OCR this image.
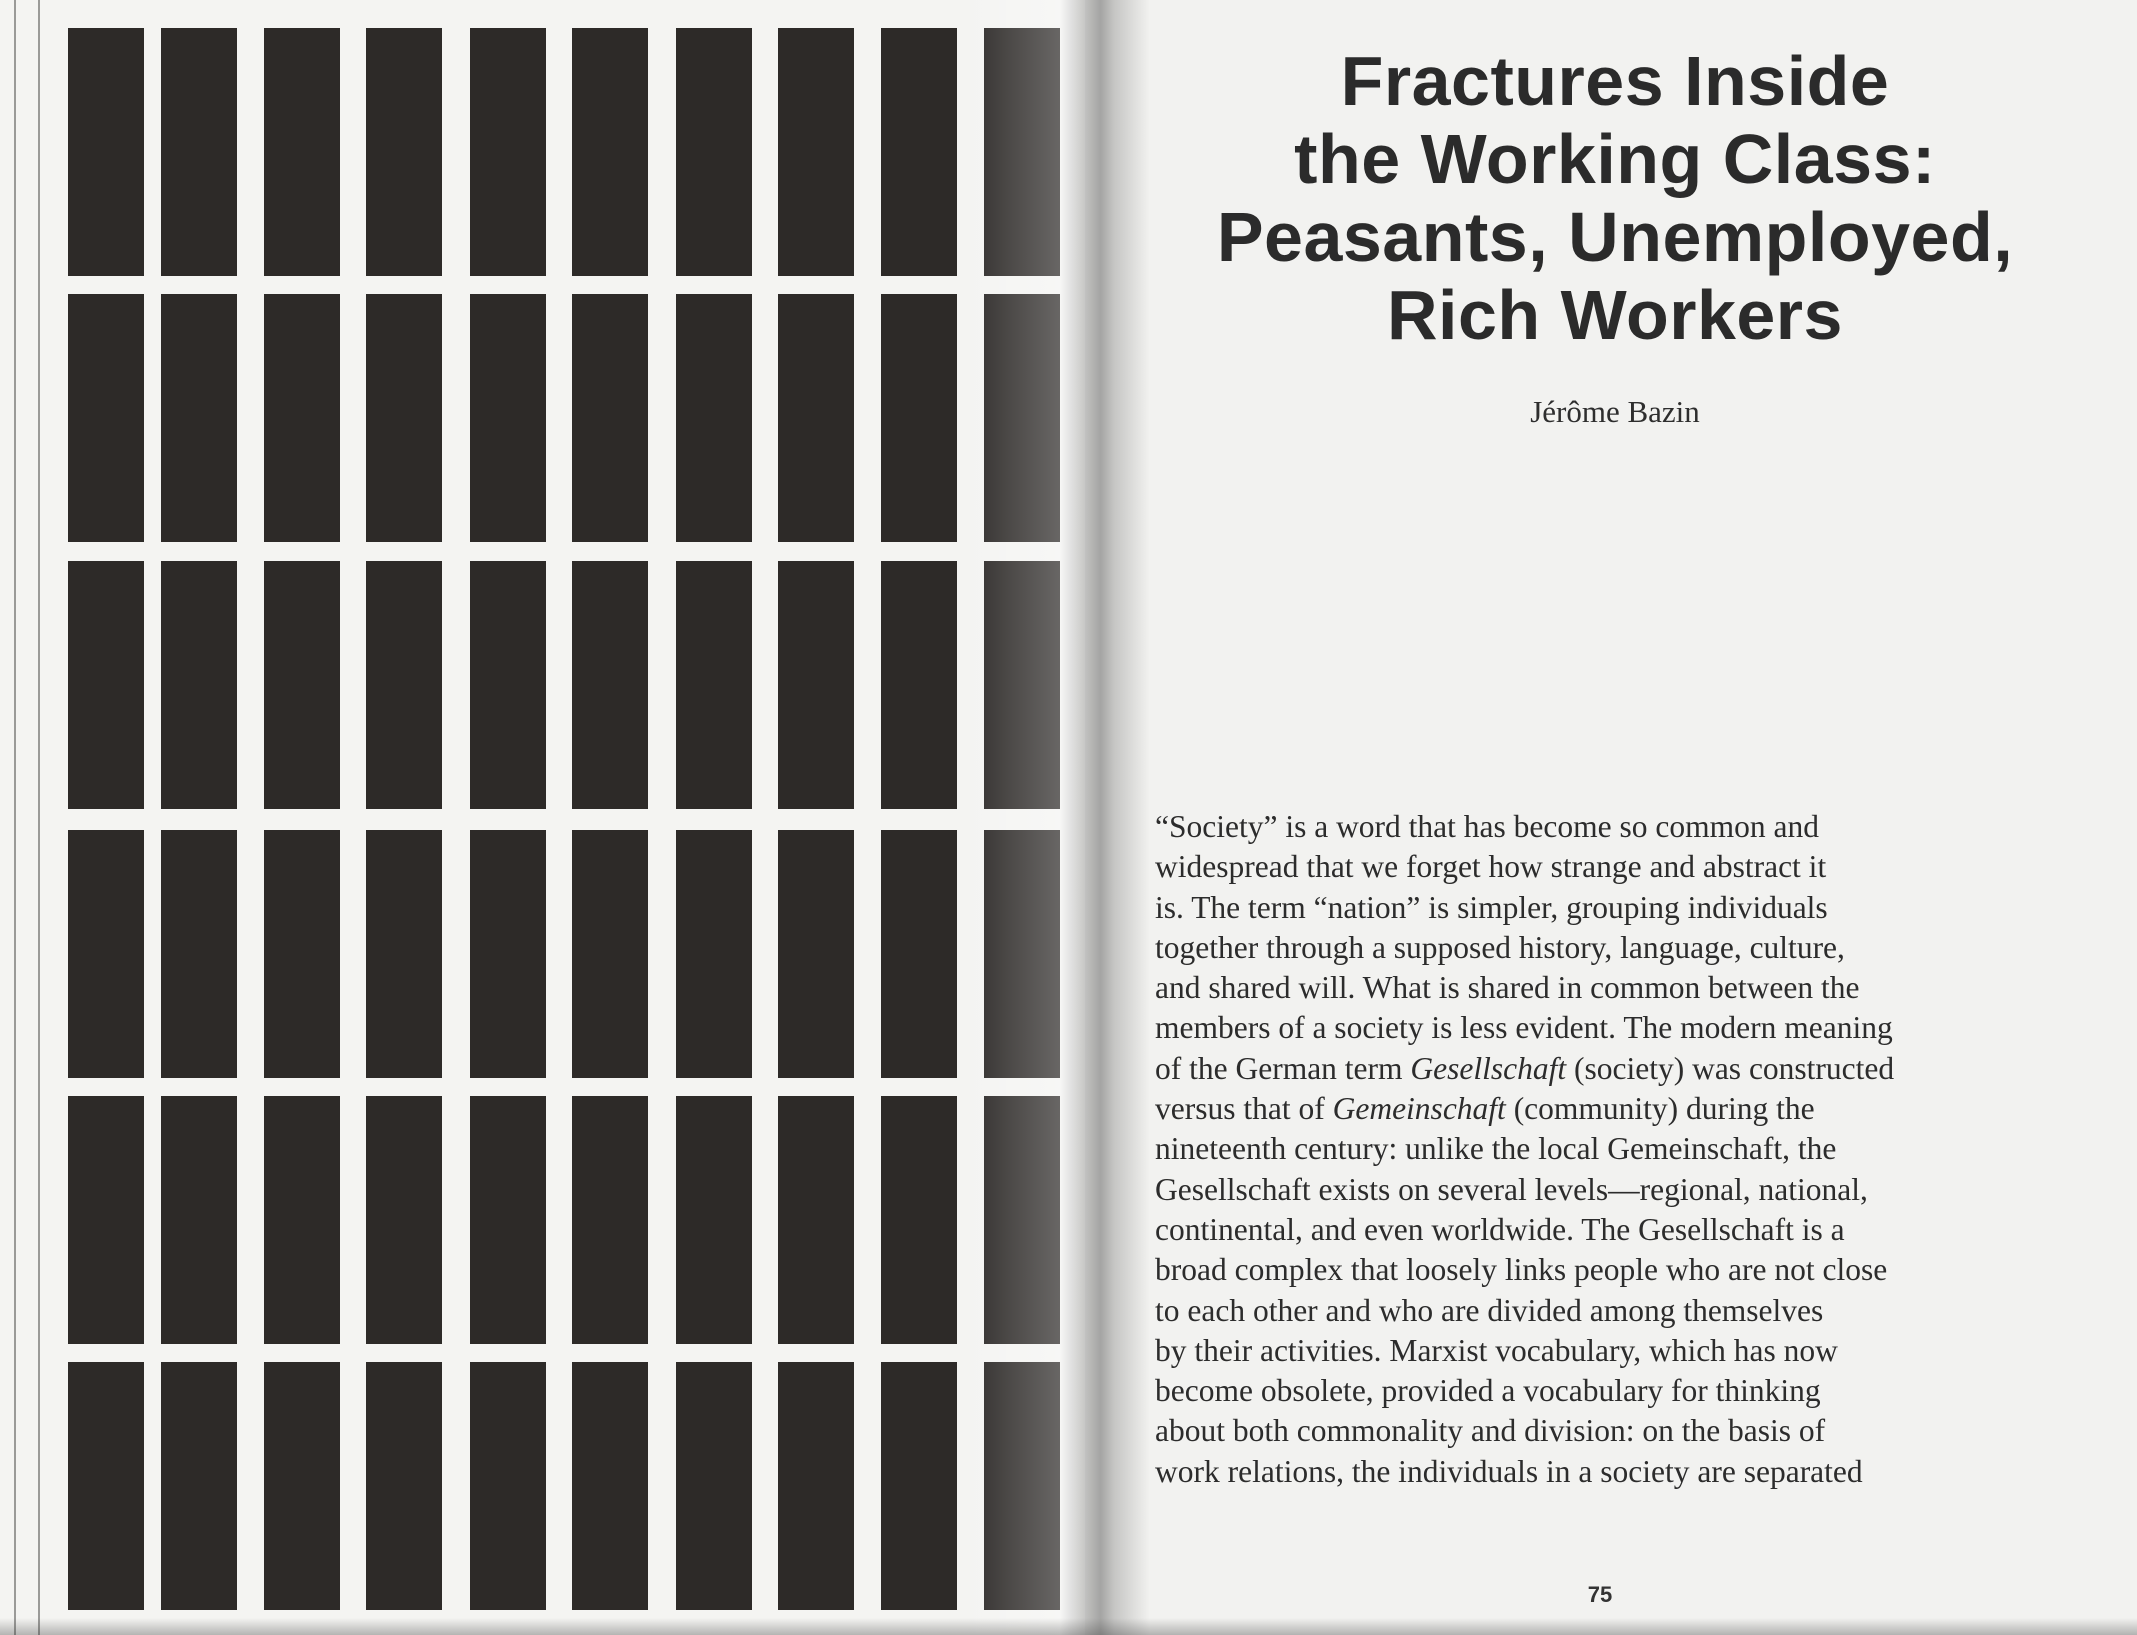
Fractures Inside
the Working Class:
Peasants, Unemployed,
Rich Workers
Jérôme Bazin
“Society” is a word that has become so common and
widespread that we forget how strange and abstract it
is. The term “nation” is simpler, grouping individuals
together through a supposed history, language, culture,
and shared will. What is shared in common between the
members of a society is less evident. The modern meaning
of the German term Gesellschaft (society) was constructed
versus that of Gemeinschaft (community) during the
nineteenth century: unlike the local Gemeinschaft, the
Gesellschaft exists on several levels—regional, national,
continental, and even worldwide. The Gesellschaft is a
broad complex that loosely links people who are not close
to each other and who are divided among themselves
by their activities. Marxist vocabulary, which has now
become obsolete, provided a vocabulary for thinking
about both commonality and division: on the basis of
work relations, the individuals in a society are separated
75
